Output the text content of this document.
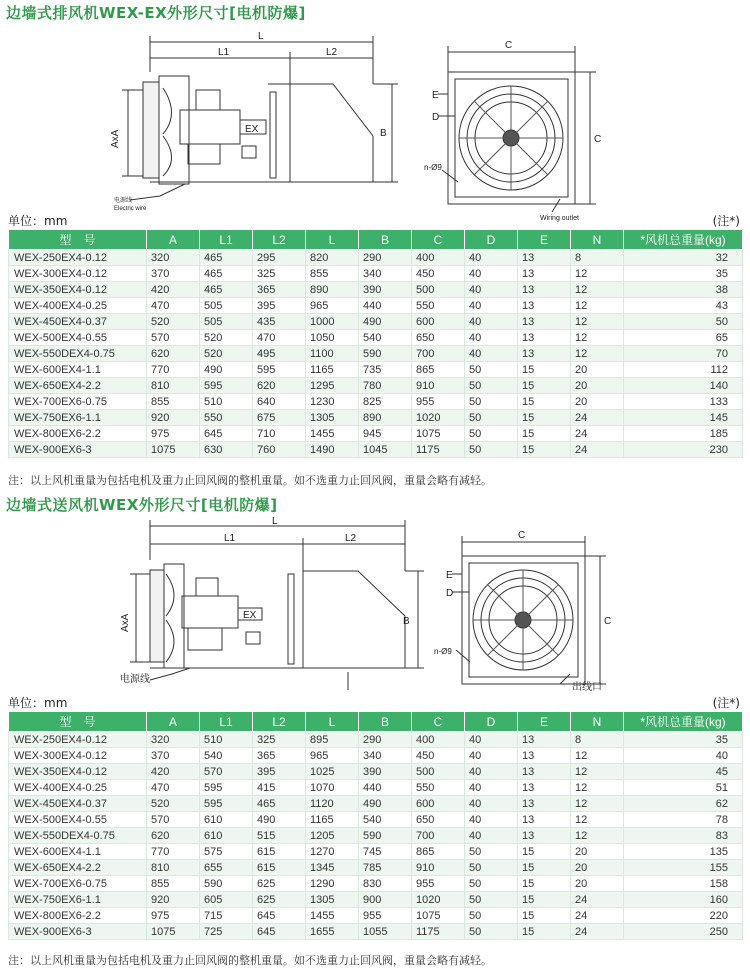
边墙式排风机WEX-EX外形尺寸[电机防爆]
L
L1	L2
EX	B
AxA
电源线
Electric wire
C
C
E
D
n-Ø9
Wiring outlet
单位：mm	(注*)
型　号	A	L1	L2	L	B	C	D	E	N	*风机总重量(kg)
WEX-250EX4-0.12	320	465	295	820	290	400	40	13	8	32
WEX-300EX4-0.12	370	465	325	855	340	450	40	13	12	35
WEX-350EX4-0.12	420	465	365	890	390	500	40	13	12	38
WEX-400EX4-0.25	470	505	395	965	440	550	40	13	12	43
WEX-450EX4-0.37	520	505	435	1000	490	600	40	13	12	50
WEX-500EX4-0.55	570	520	470	1050	540	650	40	13	12	65
WEX-550DEX4-0.75	620	520	495	1100	590	700	40	13	12	70
WEX-600EX4-1.1	770	490	595	1165	735	865	50	15	20	112
WEX-650EX4-2.2	810	595	620	1295	780	910	50	15	20	140
WEX-700EX6-0.75	855	510	640	1230	825	955	50	15	20	133
WEX-750EX6-1.1	920	550	675	1305	890	1020	50	15	24	145
WEX-800EX6-2.2	975	645	710	1455	945	1075	50	15	24	185
WEX-900EX6-3	1075	630	760	1490	1045	1175	50	15	24	230
注：以上风机重量为包括电机及重力止回风阀的整机重量。如不选重力止回风阀，重量会略有减轻。
边墙式送风机WEX外形尺寸[电机防爆]
L
L1	L2
EX
B
AxA
电源线
C
C
E
D
n-Ø9
出线口
单位：mm	(注*)
型　号	A	L1	L2	L	B	C	D	E	N	*风机总重量(kg)
WEX-250EX4-0.12	320	510	325	895	290	400	40	13	8	35
WEX-300EX4-0.12	370	540	365	965	340	450	40	13	12	40
WEX-350EX4-0.12	420	570	395	1025	390	500	40	13	12	45
WEX-400EX4-0.25	470	595	415	1070	440	550	40	13	12	51
WEX-450EX4-0.37	520	595	465	1120	490	600	40	13	12	62
WEX-500EX4-0.55	570	610	490	1165	540	650	40	13	12	78
WEX-550DEX4-0.75	620	610	515	1205	590	700	40	13	12	83
WEX-600EX4-1.1	770	575	615	1270	745	865	50	15	20	135
WEX-650EX4-2.2	810	655	615	1345	785	910	50	15	20	155
WEX-700EX6-0.75	855	590	625	1290	830	955	50	15	20	158
WEX-750EX6-1.1	920	605	625	1305	900	1020	50	15	24	160
WEX-800EX6-2.2	975	715	645	1455	955	1075	50	15	24	220
WEX-900EX6-3	1075	725	645	1655	1055	1175	50	15	24	250
注：以上风机重量为包括电机及重力止回风阀的整机重量。如不选重力止回风阀，重量会略有减轻。
